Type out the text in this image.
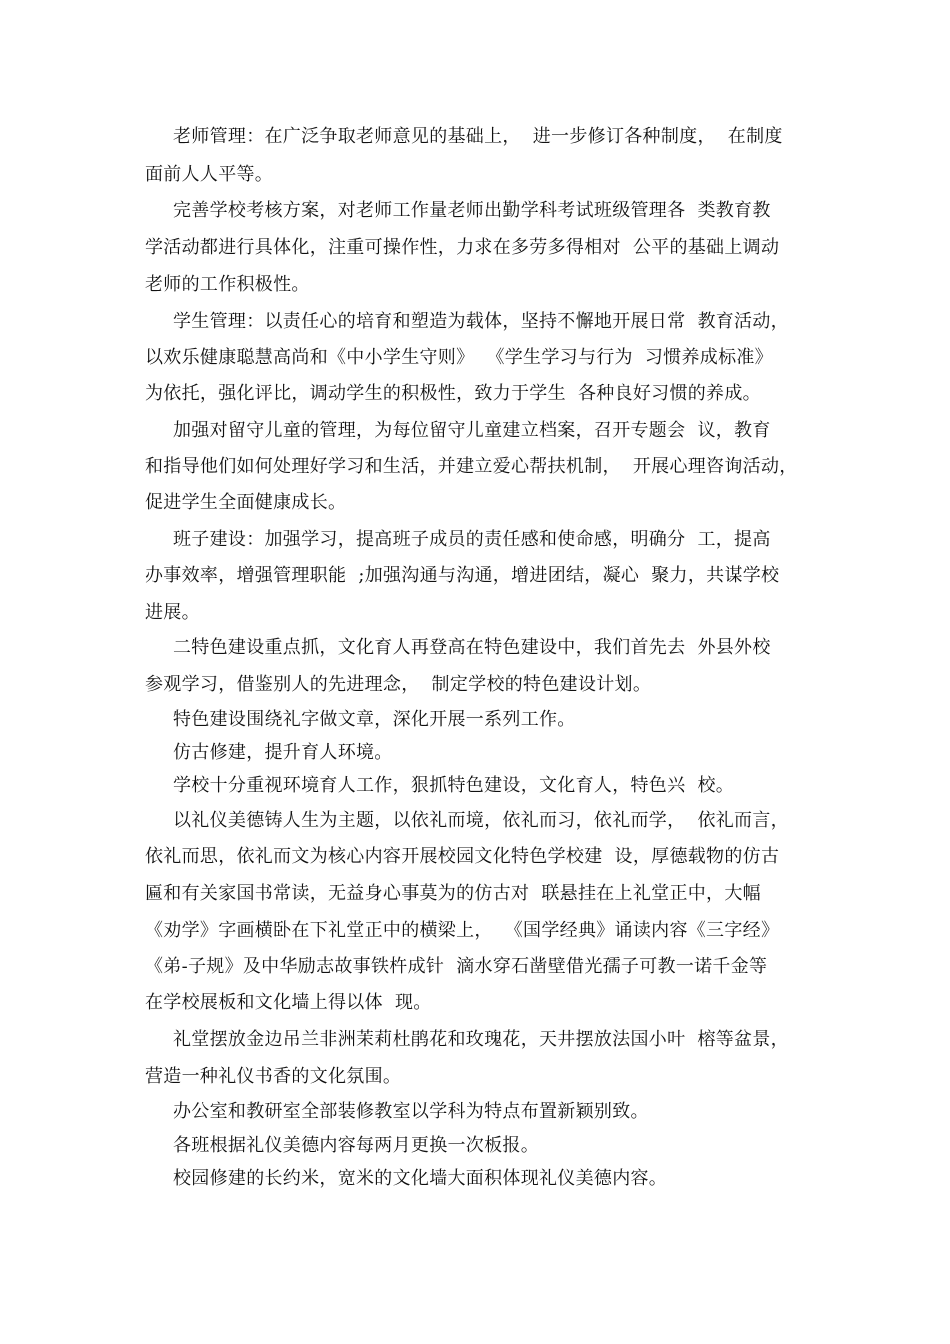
老师管理：在广泛争取老师意见的基础上，  进一步修订各种制度，  在制度
面前人人平等。
完善学校考核方案，对老师工作量老师出勤学科考试班级管理各  类教育教
学活动都进行具体化，注重可操作性，力求在多劳多得相对  公平的基础上调动
老师的工作积极性。
学生管理：以责任心的培育和塑造为载体，坚持不懈地开展日常  教育活动，
以欢乐健康聪慧高尚和《中小学生守则》  《学生学习与行为  习惯养成标准》
为依托，强化评比，调动学生的积极性，致力于学生  各种良好习惯的养成。
加强对留守儿童的管理，为每位留守儿童建立档案，召开专题会  议，教育
和指导他们如何处理好学习和生活，并建立爱心帮扶机制，  开展心理咨询活动，
促进学生全面健康成长。
班子建设：加强学习，提高班子成员的责任感和使命感，明确分  工，提高
办事效率，增强管理职能  ;加强沟通与沟通，增进团结，凝心  聚力，共谋学校
进展。
二特色建设重点抓，文化育人再登高在特色建设中，我们首先去  外县外校
参观学习，借鉴别人的先进理念，  制定学校的特色建设计划。
特色建设围绕礼字做文章，深化开展一系列工作。
仿古修建，提升育人环境。
学校十分重视环境育人工作，狠抓特色建设，文化育人，特色兴  校。
以礼仪美德铸人生为主题，以依礼而境，依礼而习，依礼而学，  依礼而言，
依礼而思，依礼而文为核心内容开展校园文化特色学校建  设，厚德载物的仿古
匾和有关家国书常读，无益身心事莫为的仿古对  联悬挂在上礼堂正中，大幅
《劝学》字画横卧在下礼堂正中的横梁上，  《国学经典》诵读内容《三字经》
《弟-子规》及中华励志故事铁杵成针  滴水穿石凿壁借光孺子可教一诺千金等
在学校展板和文化墙上得以体  现。
礼堂摆放金边吊兰非洲茉莉杜鹃花和玫瑰花，天井摆放法国小叶  榕等盆景，
营造一种礼仪书香的文化氛围。
办公室和教研室全部装修教室以学科为特点布置新颖别致。
各班根据礼仪美德内容每两月更换一次板报。
校园修建的长约米，宽米的文化墙大面积体现礼仪美德内容。
